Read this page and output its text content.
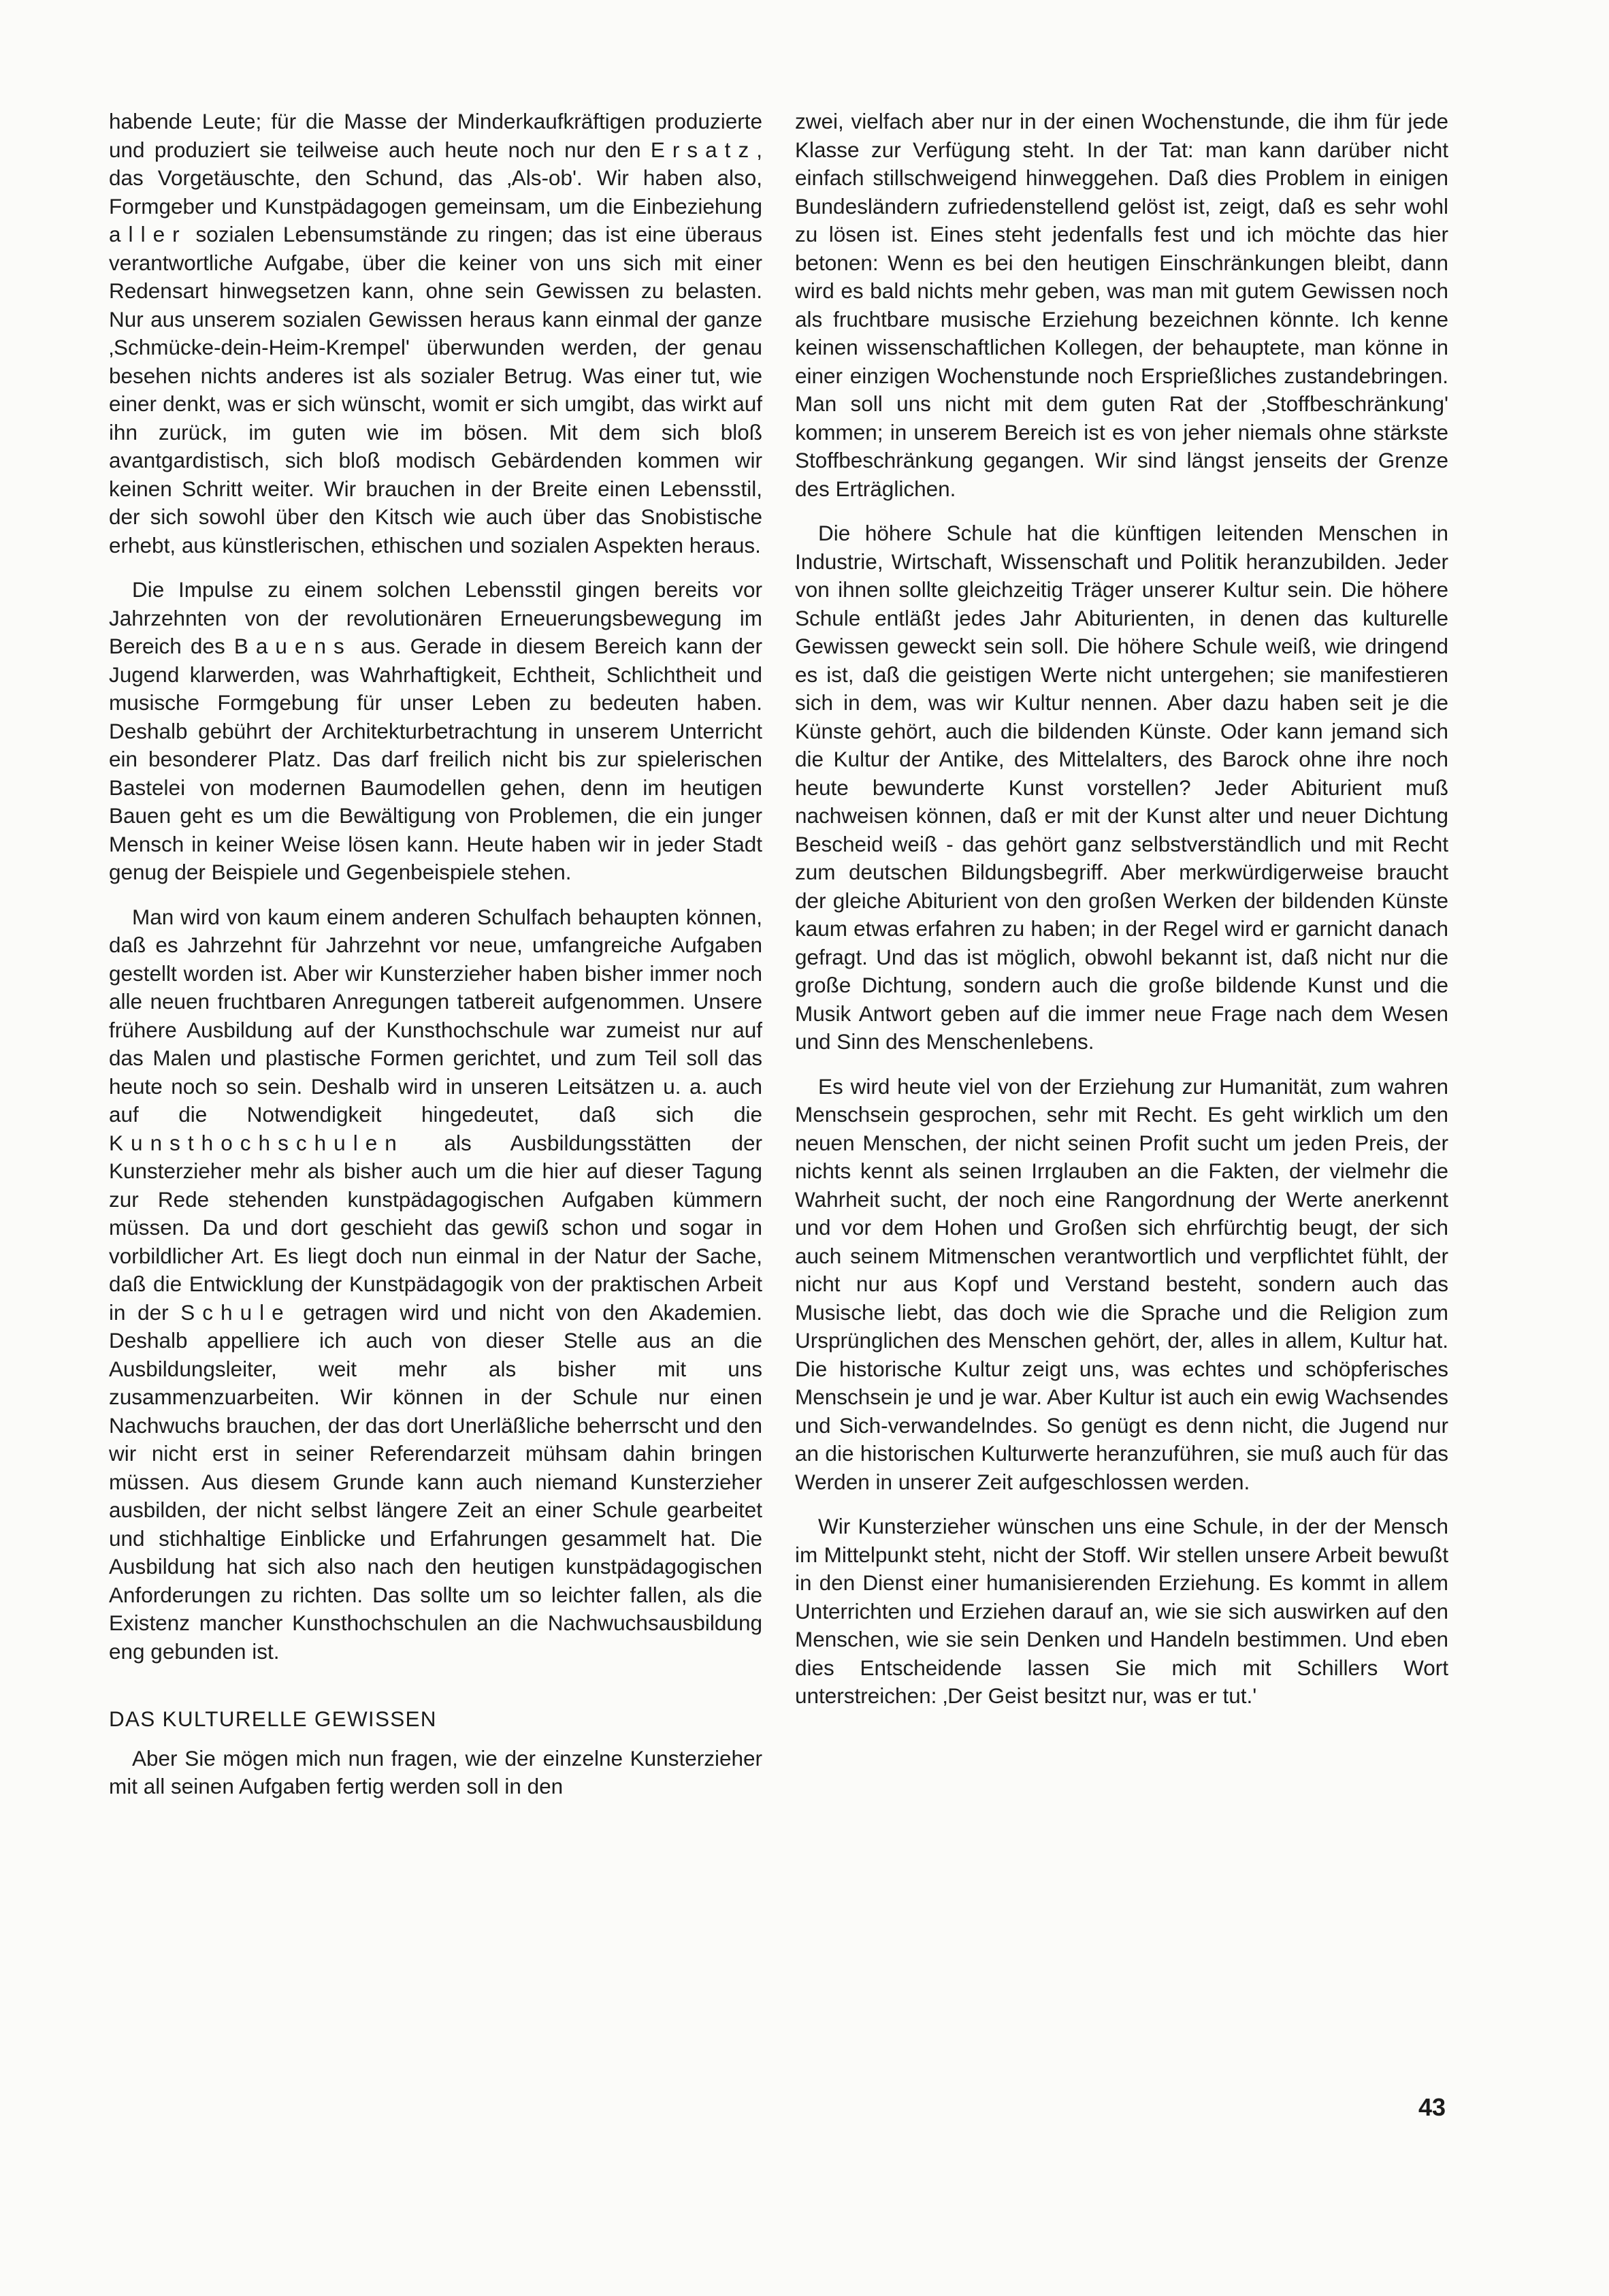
habende Leute; für die Masse der Minderkaufkräftigen produzierte und produziert sie teilweise auch heute noch nur den Ersatz, das Vorgetäuschte, den Schund, das ‚Als-ob'. Wir haben also, Formgeber und Kunstpädagogen gemeinsam, um die Einbeziehung aller sozialen Lebensumstände zu ringen; das ist eine überaus verantwortliche Aufgabe, über die keiner von uns sich mit einer Redensart hinwegsetzen kann, ohne sein Gewissen zu belasten. Nur aus unserem sozialen Gewissen heraus kann einmal der ganze ‚Schmücke-dein-Heim-Krempel' überwunden werden, der genau besehen nichts anderes ist als sozialer Betrug. Was einer tut, wie einer denkt, was er sich wünscht, womit er sich umgibt, das wirkt auf ihn zurück, im guten wie im bösen. Mit dem sich bloß avantgardistisch, sich bloß modisch Gebärdenden kommen wir keinen Schritt weiter. Wir brauchen in der Breite einen Lebensstil, der sich sowohl über den Kitsch wie auch über das Snobistische erhebt, aus künstlerischen, ethischen und sozialen Aspekten heraus.

Die Impulse zu einem solchen Lebensstil gingen bereits vor Jahrzehnten von der revolutionären Erneuerungsbewegung im Bereich des Bauens aus. Gerade in diesem Bereich kann der Jugend klarwerden, was Wahrhaftigkeit, Echtheit, Schlichtheit und musische Formgebung für unser Leben zu bedeuten haben. Deshalb gebührt der Architekturbetrachtung in unserem Unterricht ein besonderer Platz. Das darf freilich nicht bis zur spielerischen Bastelei von modernen Baumodellen gehen, denn im heutigen Bauen geht es um die Bewältigung von Problemen, die ein junger Mensch in keiner Weise lösen kann. Heute haben wir in jeder Stadt genug der Beispiele und Gegenbeispiele stehen.

Man wird von kaum einem anderen Schulfach behaupten können, daß es Jahrzehnt für Jahrzehnt vor neue, umfangreiche Aufgaben gestellt worden ist. Aber wir Kunsterzieher haben bisher immer noch alle neuen fruchtbaren Anregungen tatbereit aufgenommen. Unsere frühere Ausbildung auf der Kunsthochschule war zumeist nur auf das Malen und plastische Formen gerichtet, und zum Teil soll das heute noch so sein. Deshalb wird in unseren Leitsätzen u. a. auch auf die Notwendigkeit hingedeutet, daß sich die Kunsthochschulen als Ausbildungsstätten der Kunsterzieher mehr als bisher auch um die hier auf dieser Tagung zur Rede stehenden kunstpädagogischen Aufgaben kümmern müssen. Da und dort geschieht das gewiß schon und sogar in vorbildlicher Art. Es liegt doch nun einmal in der Natur der Sache, daß die Entwicklung der Kunstpädagogik von der praktischen Arbeit in der Schule getragen wird und nicht von den Akademien. Deshalb appelliere ich auch von dieser Stelle aus an die Ausbildungsleiter, weit mehr als bisher mit uns zusammenzuarbeiten. Wir können in der Schule nur einen Nachwuchs brauchen, der das dort Unerläßliche beherrscht und den wir nicht erst in seiner Referendarzeit mühsam dahin bringen müssen. Aus diesem Grunde kann auch niemand Kunsterzieher ausbilden, der nicht selbst längere Zeit an einer Schule gearbeitet und stichhaltige Einblicke und Erfahrungen gesammelt hat. Die Ausbildung hat sich also nach den heutigen kunstpädagogischen Anforderungen zu richten. Das sollte um so leichter fallen, als die Existenz mancher Kunsthochschulen an die Nachwuchsausbildung eng gebunden ist.

DAS KULTURELLE GEWISSEN

Aber Sie mögen mich nun fragen, wie der einzelne Kunsterzieher mit all seinen Aufgaben fertig werden soll in den

zwei, vielfach aber nur in der einen Wochenstunde, die ihm für jede Klasse zur Verfügung steht. In der Tat: man kann darüber nicht einfach stillschweigend hinweggehen. Daß dies Problem in einigen Bundesländern zufriedenstellend gelöst ist, zeigt, daß es sehr wohl zu lösen ist. Eines steht jedenfalls fest und ich möchte das hier betonen: Wenn es bei den heutigen Einschränkungen bleibt, dann wird es bald nichts mehr geben, was man mit gutem Gewissen noch als fruchtbare musische Erziehung bezeichnen könnte. Ich kenne keinen wissenschaftlichen Kollegen, der behauptete, man könne in einer einzigen Wochenstunde noch Ersprießliches zustandebringen. Man soll uns nicht mit dem guten Rat der ‚Stoffbeschränkung' kommen; in unserem Bereich ist es von jeher niemals ohne stärkste Stoffbeschränkung gegangen. Wir sind längst jenseits der Grenze des Erträglichen.

Die höhere Schule hat die künftigen leitenden Menschen in Industrie, Wirtschaft, Wissenschaft und Politik heranzubilden. Jeder von ihnen sollte gleichzeitig Träger unserer Kultur sein. Die höhere Schule entläßt jedes Jahr Abiturienten, in denen das kulturelle Gewissen geweckt sein soll. Die höhere Schule weiß, wie dringend es ist, daß die geistigen Werte nicht untergehen; sie manifestieren sich in dem, was wir Kultur nennen. Aber dazu haben seit je die Künste gehört, auch die bildenden Künste. Oder kann jemand sich die Kultur der Antike, des Mittelalters, des Barock ohne ihre noch heute bewunderte Kunst vorstellen? Jeder Abiturient muß nachweisen können, daß er mit der Kunst alter und neuer Dichtung Bescheid weiß - das gehört ganz selbstverständlich und mit Recht zum deutschen Bildungsbegriff. Aber merkwürdigerweise braucht der gleiche Abiturient von den großen Werken der bildenden Künste kaum etwas erfahren zu haben; in der Regel wird er garnicht danach gefragt. Und das ist möglich, obwohl bekannt ist, daß nicht nur die große Dichtung, sondern auch die große bildende Kunst und die Musik Antwort geben auf die immer neue Frage nach dem Wesen und Sinn des Menschenlebens.

Es wird heute viel von der Erziehung zur Humanität, zum wahren Menschsein gesprochen, sehr mit Recht. Es geht wirklich um den neuen Menschen, der nicht seinen Profit sucht um jeden Preis, der nichts kennt als seinen Irrglauben an die Fakten, der vielmehr die Wahrheit sucht, der noch eine Rangordnung der Werte anerkennt und vor dem Hohen und Großen sich ehrfürchtig beugt, der sich auch seinem Mitmenschen verantwortlich und verpflichtet fühlt, der nicht nur aus Kopf und Verstand besteht, sondern auch das Musische liebt, das doch wie die Sprache und die Religion zum Ursprünglichen des Menschen gehört, der, alles in allem, Kultur hat. Die historische Kultur zeigt uns, was echtes und schöpferisches Menschsein je und je war. Aber Kultur ist auch ein ewig Wachsendes und Sich-verwandelndes. So genügt es denn nicht, die Jugend nur an die historischen Kulturwerte heranzuführen, sie muß auch für das Werden in unserer Zeit aufgeschlossen werden.

Wir Kunsterzieher wünschen uns eine Schule, in der der Mensch im Mittelpunkt steht, nicht der Stoff. Wir stellen unsere Arbeit bewußt in den Dienst einer humanisierenden Erziehung. Es kommt in allem Unterrichten und Erziehen darauf an, wie sie sich auswirken auf den Menschen, wie sie sein Denken und Handeln bestimmen. Und eben dies Entscheidende lassen Sie mich mit Schillers Wort unterstreichen: ‚Der Geist besitzt nur, was er tut.'

43
